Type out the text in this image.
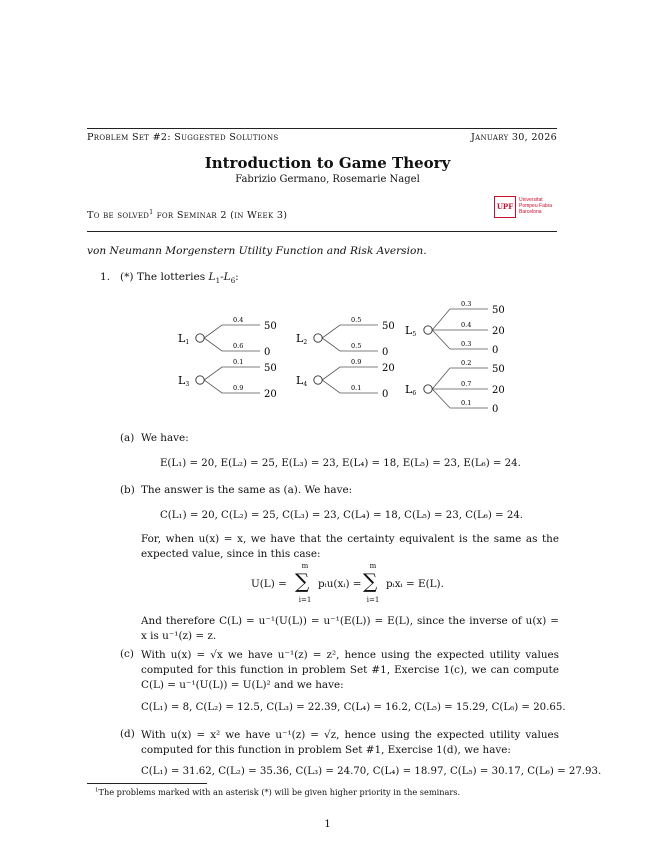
Problem Set #2: Suggested Solutions	January 30, 2026
Introduction to Game Theory
Fabrizio Germano, Rosemarie Nagel
To be solved$^1$ for Seminar 2 (in Week 3)
UPF
Universitat
Pompeu Fabra
Barcelona
von Neumann Morgenstern Utility Function and Risk Aversion.
1. (*) The lotteries $L_1-L_6$:
L1
0.4
50
0.6
0
L2
0.5
50
0.5
0
L3
0.1
50
0.9
20
L4
0.9
20
0.1
0
L5
0.3
50
0.4
20
0.3
0
L6
0.2
50
0.7
20
0.1
0
(a) We have:
E(L₁) = 20, E(L₂) = 25, E(L₃) = 23, E(L₄) = 18, E(L₅) = 23, E(L₆) = 24.
(b) The answer is the same as (a). We have:
C(L₁) = 20, C(L₂) = 25, C(L₃) = 23, C(L₄) = 18, C(L₅) = 23, C(L₆) = 24.
For, when u(x) = x, we have that the certainty equivalent is the same as the expected value, since in this case:
U(L) =
m
∑
i=1
pᵢu(xᵢ) =
m
∑
i=1
pᵢxᵢ = E(L).
And therefore C(L) = u⁻¹(U(L)) = u⁻¹(E(L)) = E(L), since the inverse of u(x) = x is u⁻¹(z) = z.
(c) With u(x) = √x we have u⁻¹(z) = z², hence using the expected utility values computed for this function in problem Set #1, Exercise 1(c), we can compute C(L) = u⁻¹(U(L)) = U(L)² and we have:
C(L₁) = 8, C(L₂) = 12.5, C(L₃) = 22.39, C(L₄) = 16.2, C(L₅) = 15.29, C(L₆) = 20.65.
(d) With u(x) = x² we have u⁻¹(z) = √z, hence using the expected utility values computed for this function in problem Set #1, Exercise 1(d), we have:
C(L₁) = 31.62, C(L₂) = 35.36, C(L₃) = 24.70, C(L₄) = 18.97, C(L₅) = 30.17, C(L₆) = 27.93.
$^1$The problems marked with an asterisk (*) will be given higher priority in the seminars.
1
